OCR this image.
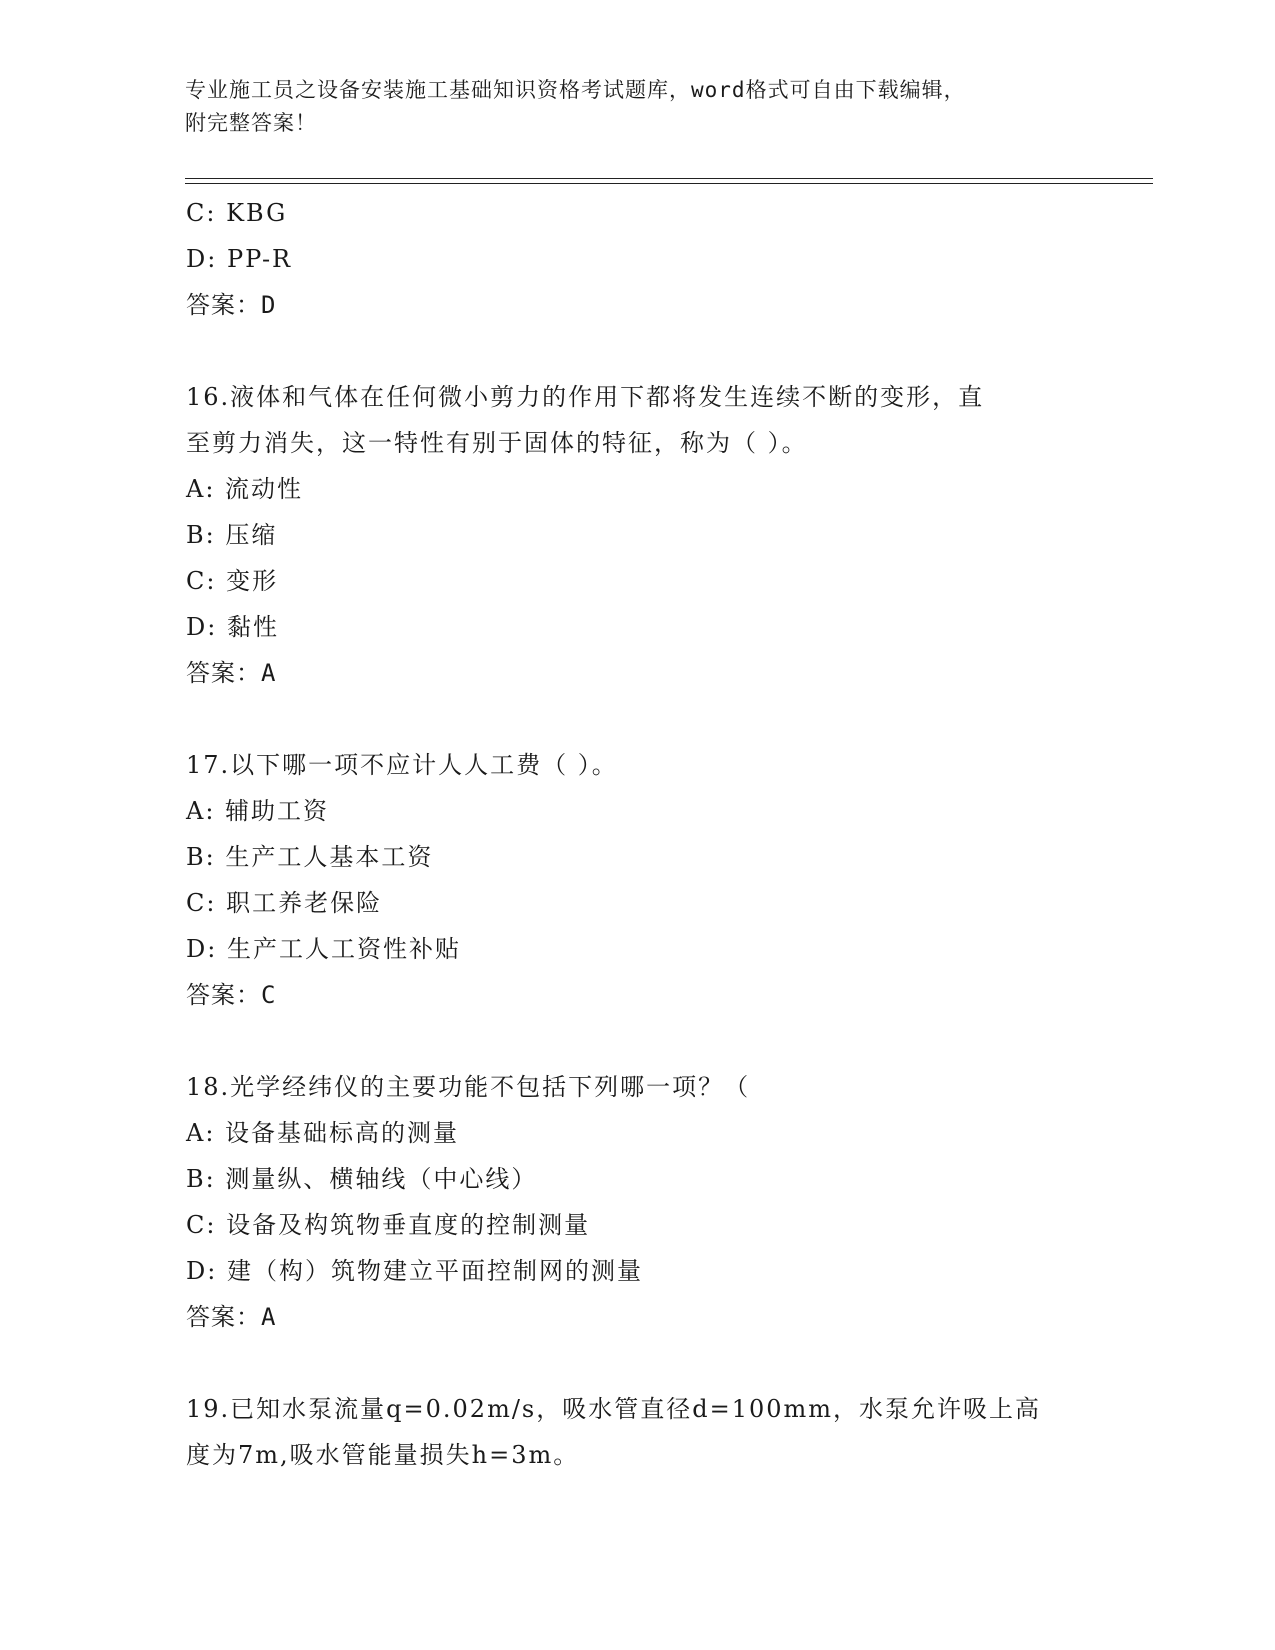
专业施工员之设备安装施工基础知识资格考试题库，word格式可自由下载编辑，
附完整答案！
C: KBG
D: PP-R
答案：D
16.液体和气体在任何微小剪力的作用下都将发生连续不断的变形，直
至剪力消失，这一特性有别于固体的特征，称为（ ）。
A: 流动性
B: 压缩
C: 变形
D: 黏性
答案：A
17.以下哪一项不应计人人工费（ ）。
A: 辅助工资
B: 生产工人基本工资
C: 职工养老保险
D: 生产工人工资性补贴
答案：C
18.光学经纬仪的主要功能不包括下列哪一项？（
A: 设备基础标高的测量
B: 测量纵、横轴线（中心线）
C: 设备及构筑物垂直度的控制测量
D: 建（构）筑物建立平面控制网的测量
答案：A
19.已知水泵流量q=0.02m/s，吸水管直径d=100mm，水泵允许吸上高
度为7m,吸水管能量损失h=3m。
